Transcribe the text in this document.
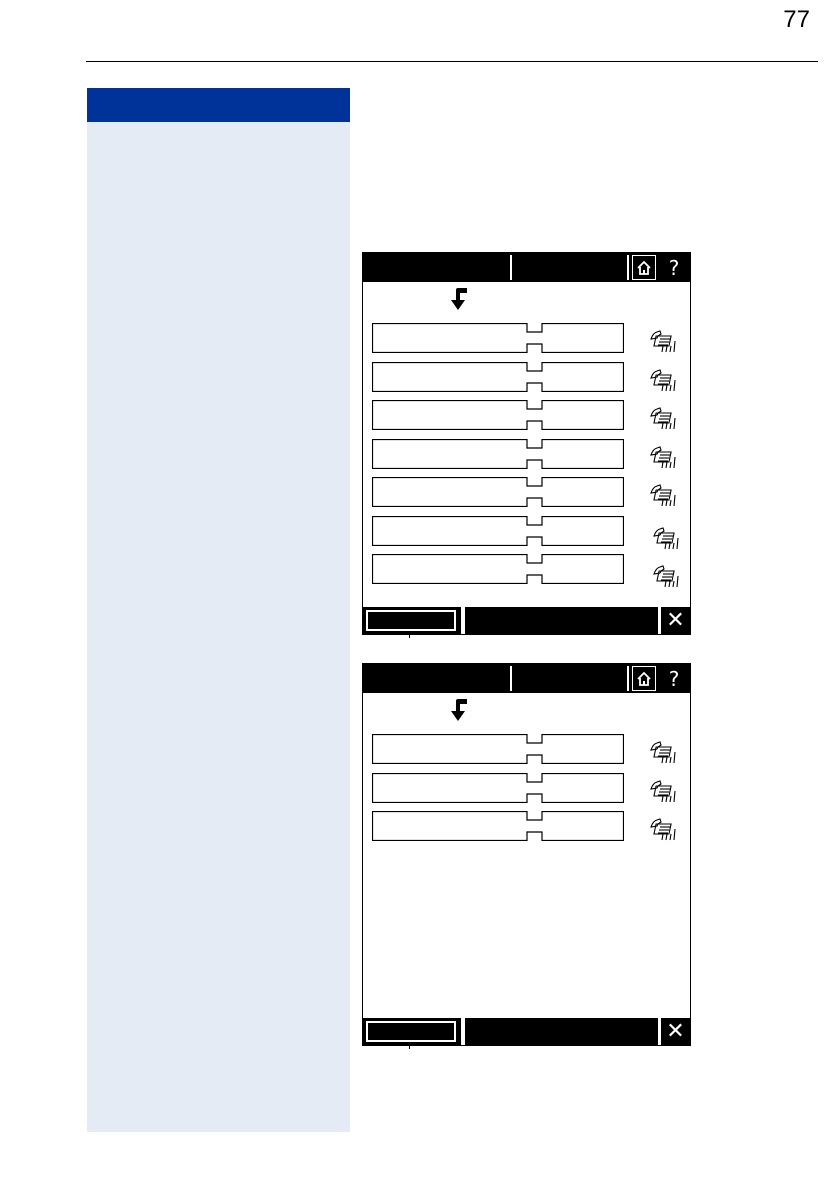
77
?
✕
?
✕
